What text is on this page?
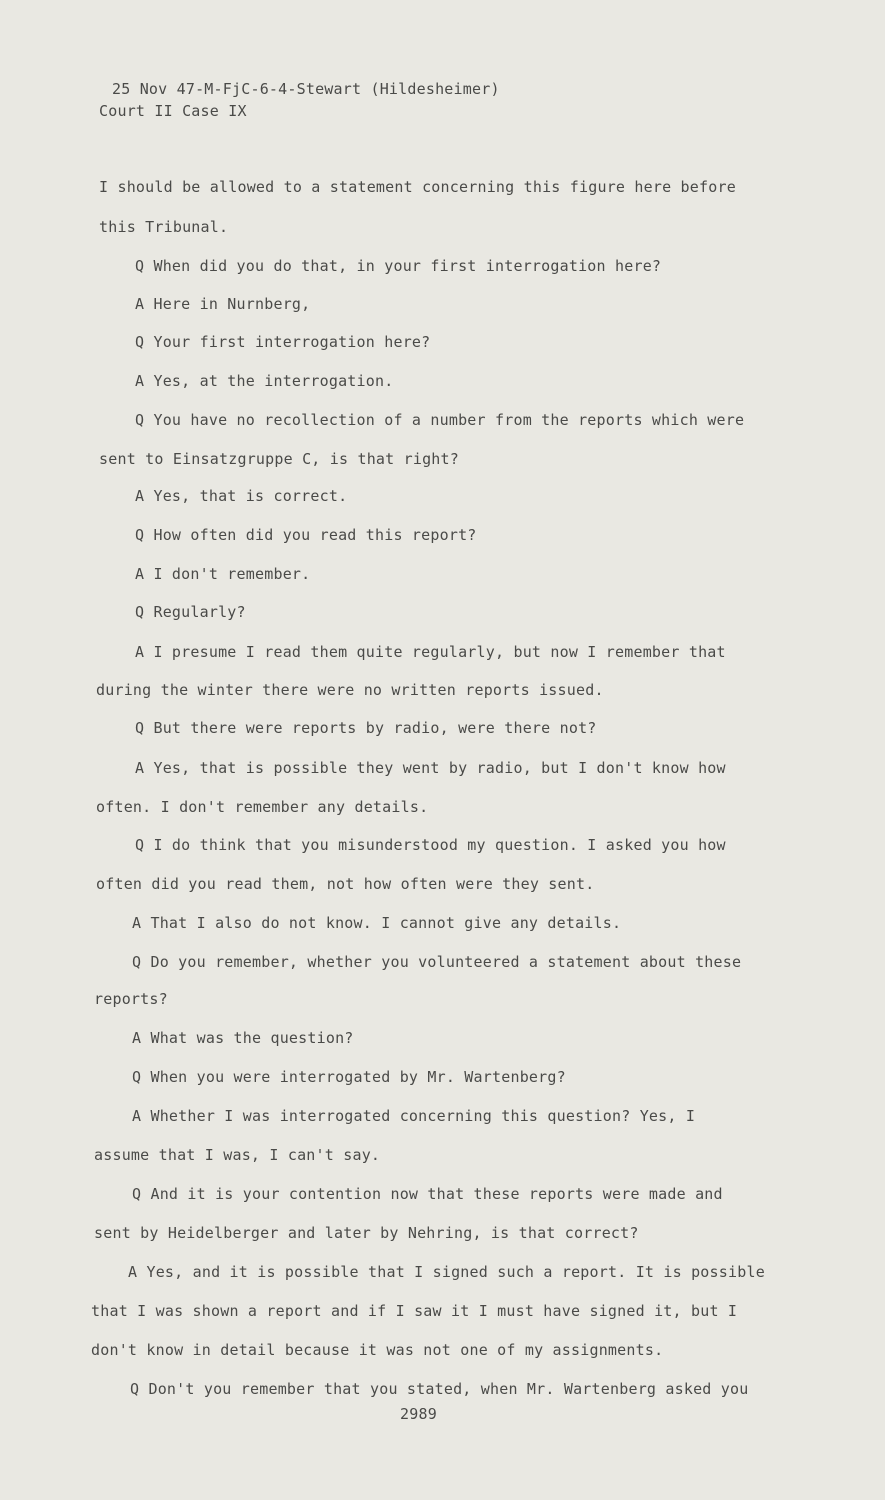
25 Nov 47-M-FjC-6-4-Stewart (Hildesheimer)
Court II Case IX
I should be allowed to a statement concerning this figure here before
this Tribunal.
Q When did you do that, in your first interrogation here?
A Here in Nurnberg,
Q Your first interrogation here?
A Yes, at the interrogation.
Q You have no recollection of a number from the reports which were
sent to Einsatzgruppe C, is that right?
A Yes, that is correct.
Q How often did you read this report?
A I don't remember.
Q Regularly?
A I presume I read them quite regularly, but now I remember that
during the winter there were no written reports issued.
Q But there were reports by radio, were there not?
A Yes, that is possible they went by radio, but I don't know how
often. I don't remember any details.
Q I do think that you misunderstood my question. I asked you how
often did you read them, not how often were they sent.
A That I also do not know. I cannot give any details.
Q Do you remember, whether you volunteered a statement about these
reports?
A What was the question?
Q When you were interrogated by Mr. Wartenberg?
A Whether I was interrogated concerning this question? Yes, I
assume that I was, I can't say.
Q And it is your contention now that these reports were made and
sent by Heidelberger and later by Nehring, is that correct?
A Yes, and it is possible that I signed such a report. It is possible
that I was shown a report and if I saw it I must have signed it, but I
don't know in detail because it was not one of my assignments.
Q Don't you remember that you stated, when Mr. Wartenberg asked you
2989
